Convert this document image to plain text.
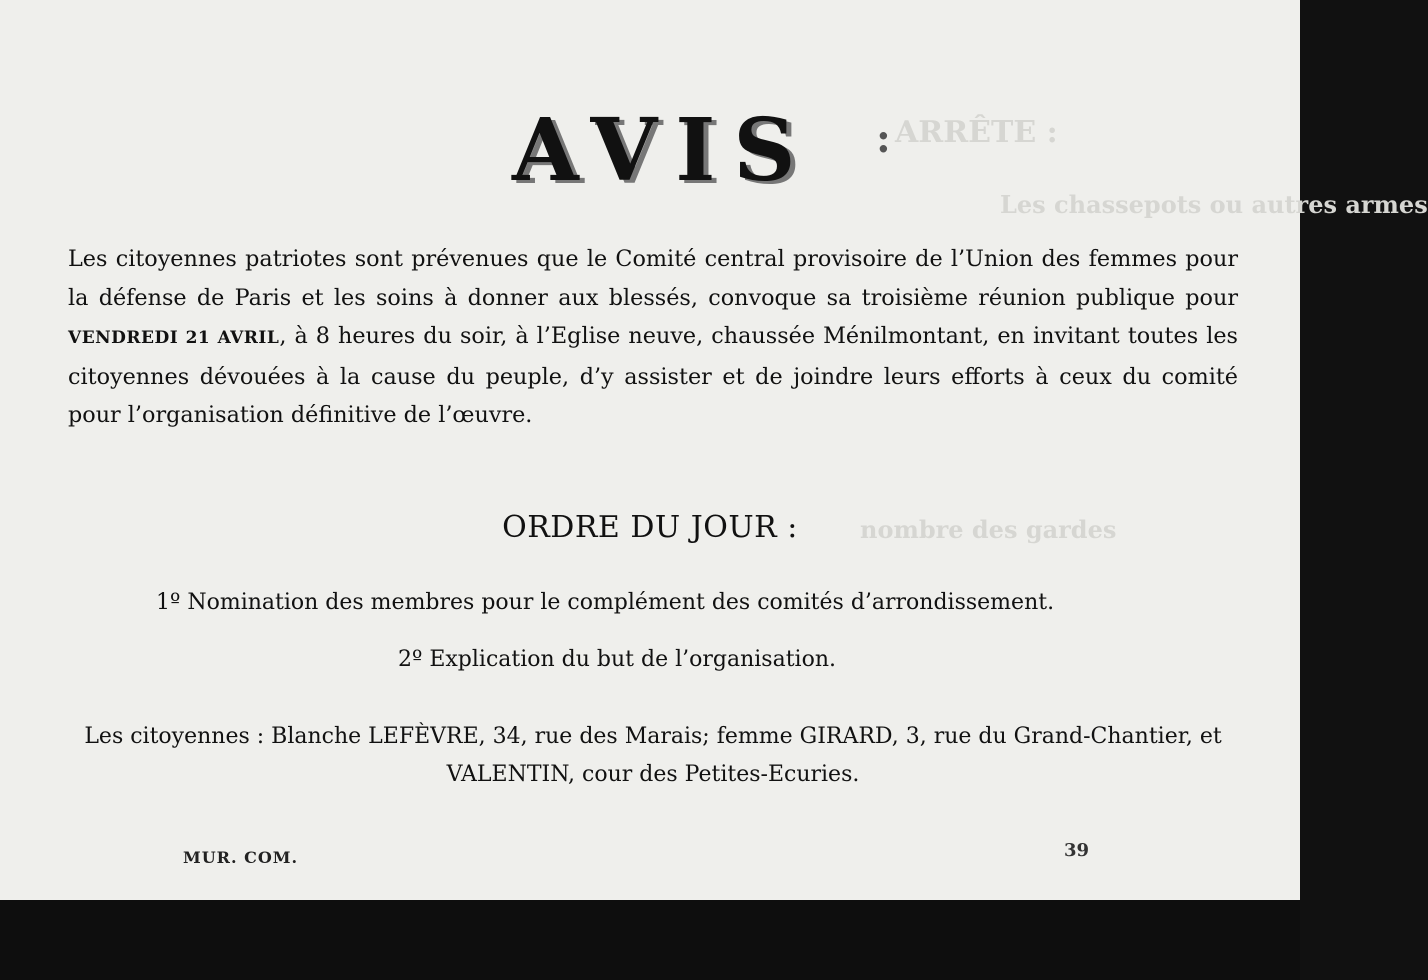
ARRÊTE :
Les chassepots ou autres armes
nombre des gardes
AVIS :

Les citoyennes patriotes sont prévenues que le Comité central provisoire de l’Union des femmes pour la défense de Paris et les soins à donner aux blessés, convoque sa troisième réunion publique pour VENDREDI 21 AVRIL, à 8 heures du soir, à l’Eglise neuve, chaussée Ménilmontant, en invitant toutes les citoyennes dévouées à la cause du peuple, d’y assister et de joindre leurs efforts à ceux du comité pour l’organisation définitive de l’œuvre.

ORDRE DU JOUR :

1º Nomination des membres pour le complément des comités d’arrondissement.

2º Explication du but de l’organisation.

Les citoyennes : Blanche LEFÈVRE, 34, rue des Marais; femme GIRARD, 3, rue du Grand-Chantier, et VALENTIN, cour des Petites-Ecuries.

MUR. COM.	39
